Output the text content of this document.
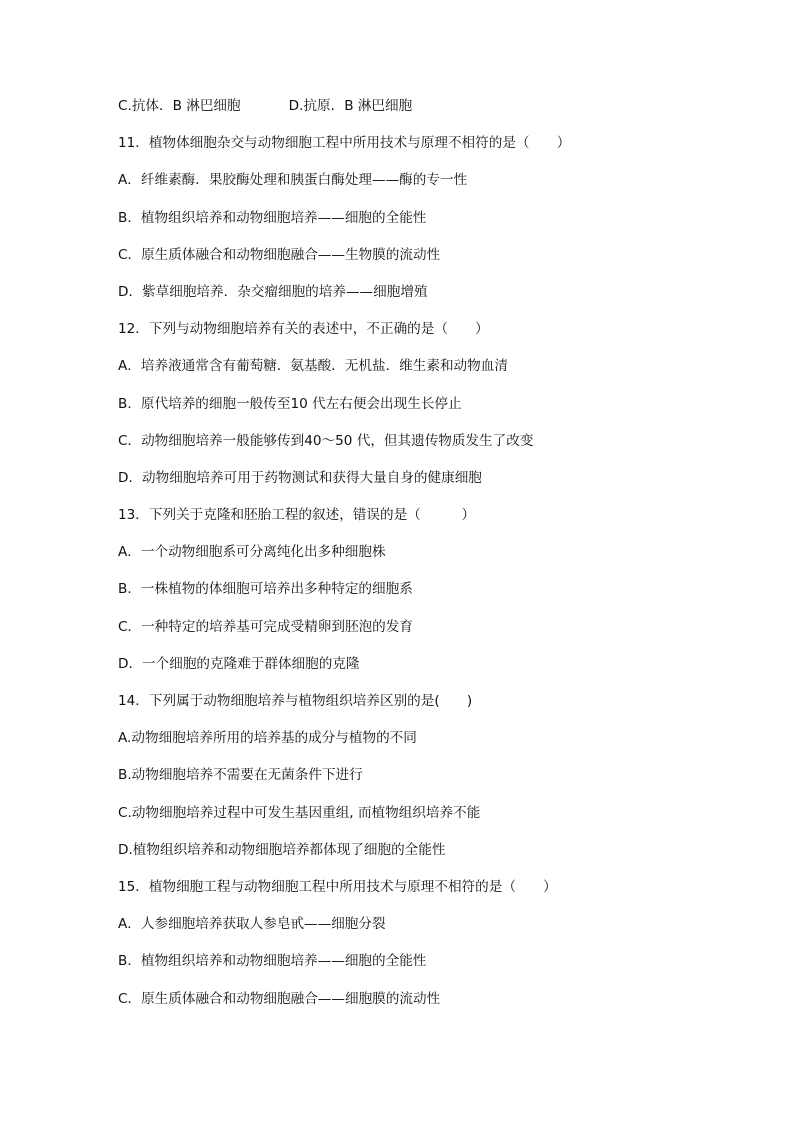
C.抗体．B 淋巴细胞	D.抗原．B 淋巴细胞
11．植物体细胞杂交与动物细胞工程中所用技术与原理不相符的是（　　）
A．纤维素酶．果胶酶处理和胰蛋白酶处理——酶的专一性
B．植物组织培养和动物细胞培养——细胞的全能性
C．原生质体融合和动物细胞融合——生物膜的流动性
D．紫草细胞培养．杂交瘤细胞的培养——细胞增殖
12．下列与动物细胞培养有关的表述中，不正确的是（　　）
A．培养液通常含有葡萄糖．氨基酸．无机盐．维生素和动物血清
B．原代培养的细胞一般传至10 代左右便会出现生长停止
C．动物细胞培养一般能够传到40～50 代，但其遗传物质发生了改变
D．动物细胞培养可用于药物测试和获得大量自身的健康细胞
13．下列关于克隆和胚胎工程的叙述，错误的是（　　　）
A．一个动物细胞系可分离纯化出多种细胞株
B．一株植物的体细胞可培养出多种特定的细胞系
C．一种特定的培养基可完成受精卵到胚泡的发育
D．一个细胞的克隆难于群体细胞的克隆
14．下列属于动物细胞培养与植物组织培养区别的是(　　)
A.动物细胞培养所用的培养基的成分与植物的不同
B.动物细胞培养不需要在无菌条件下进行
C.动物细胞培养过程中可发生基因重组, 而植物组织培养不能
D.植物组织培养和动物细胞培养都体现了细胞的全能性
15．植物细胞工程与动物细胞工程中所用技术与原理不相符的是（　　）
A．人参细胞培养获取人参皂甙——细胞分裂
B．植物组织培养和动物细胞培养——细胞的全能性
C．原生质体融合和动物细胞融合——细胞膜的流动性
